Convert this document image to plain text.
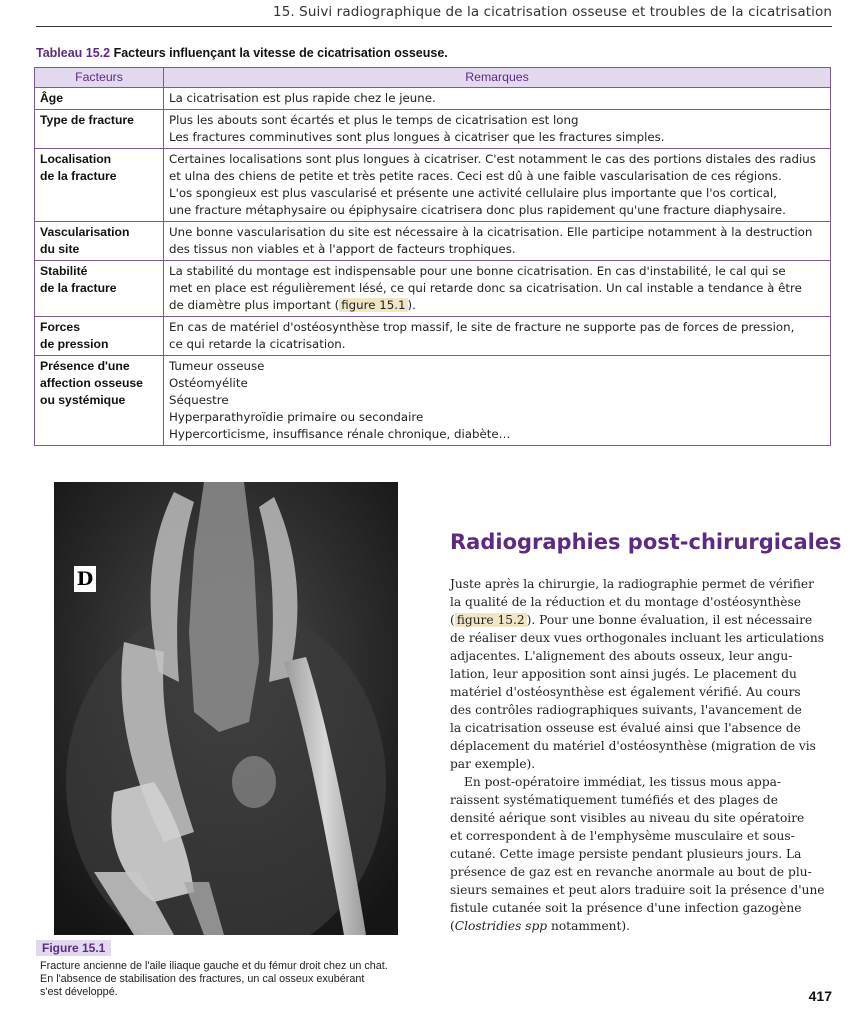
15. Suivi radiographique de la cicatrisation osseuse et troubles de la cicatrisation
Tableau 15.2 Facteurs influençant la vitesse de cicatrisation osseuse.
Facteurs	Remarques

Âge	La cicatrisation est plus rapide chez le jeune.

Type de fracture	Plus les abouts sont écartés et plus le temps de cicatrisation est long
Les fractures comminutives sont plus longues à cicatriser que les fractures simples.

Localisation
de la fracture	Certaines localisations sont plus longues à cicatriser. C'est notamment le cas des portions distales des radius
et ulna des chiens de petite et très petite races. Ceci est dû à une faible vascularisation de ces régions.
L'os spongieux est plus vascularisé et présente une activité cellulaire plus importante que l'os cortical,
une fracture métaphysaire ou épiphysaire cicatrisera donc plus rapidement qu'une fracture diaphysaire.

Vascularisation
du site	Une bonne vascularisation du site est nécessaire à la cicatrisation. Elle participe notamment à la destruction
des tissus non viables et à l'apport de facteurs trophiques.

Stabilité
de la fracture	La stabilité du montage est indispensable pour une bonne cicatrisation. En cas d'instabilité, le cal qui se
met en place est régulièrement lésé, ce qui retarde donc sa cicatrisation. Un cal instable a tendance à être
de diamètre plus important ( figure 15.1 ).

Forces
de pression	En cas de matériel d'ostéosynthèse trop massif, le site de fracture ne supporte pas de forces de pression,
ce qui retarde la cicatrisation.

Présence d'une
affection osseuse
ou systémique	Tumeur osseuse
Ostéomyélite
Séquestre
Hyperparathyroïdie primaire ou secondaire
Hypercorticisme, insuffisance rénale chronique, diabète…
D
Figure 15.1
Fracture ancienne de l'aile iliaque gauche et du fémur droit chez un chat.
En l'absence de stabilisation des fractures, un cal osseux exubérant
s'est développé.
Radiographies post-chirurgicales
Juste après la chirurgie, la radiographie permet de vérifier
la qualité de la réduction et du montage d'ostéosynthèse
( figure 15.2 ). Pour une bonne évaluation, il est nécessaire
de réaliser deux vues orthogonales incluant les articulations
adjacentes. L'alignement des abouts osseux, leur angu-
lation, leur apposition sont ainsi jugés. Le placement du
matériel d'ostéosynthèse est également vérifié. Au cours
des contrôles radiographiques suivants, l'avancement de
la cicatrisation osseuse est évalué ainsi que l'absence de
déplacement du matériel d'ostéosynthèse (migration de vis
par exemple).
En post-opératoire immédiat, les tissus mous appa-
raissent systématiquement tuméfiés et des plages de
densité aérique sont visibles au niveau du site opératoire
et correspondent à de l'emphysème musculaire et sous-
cutané. Cette image persiste pendant plusieurs jours. La
présence de gaz est en revanche anormale au bout de plu-
sieurs semaines et peut alors traduire soit la présence d'une
fistule cutanée soit la présence d'une infection gazogène
(Clostridies spp notamment).
417
